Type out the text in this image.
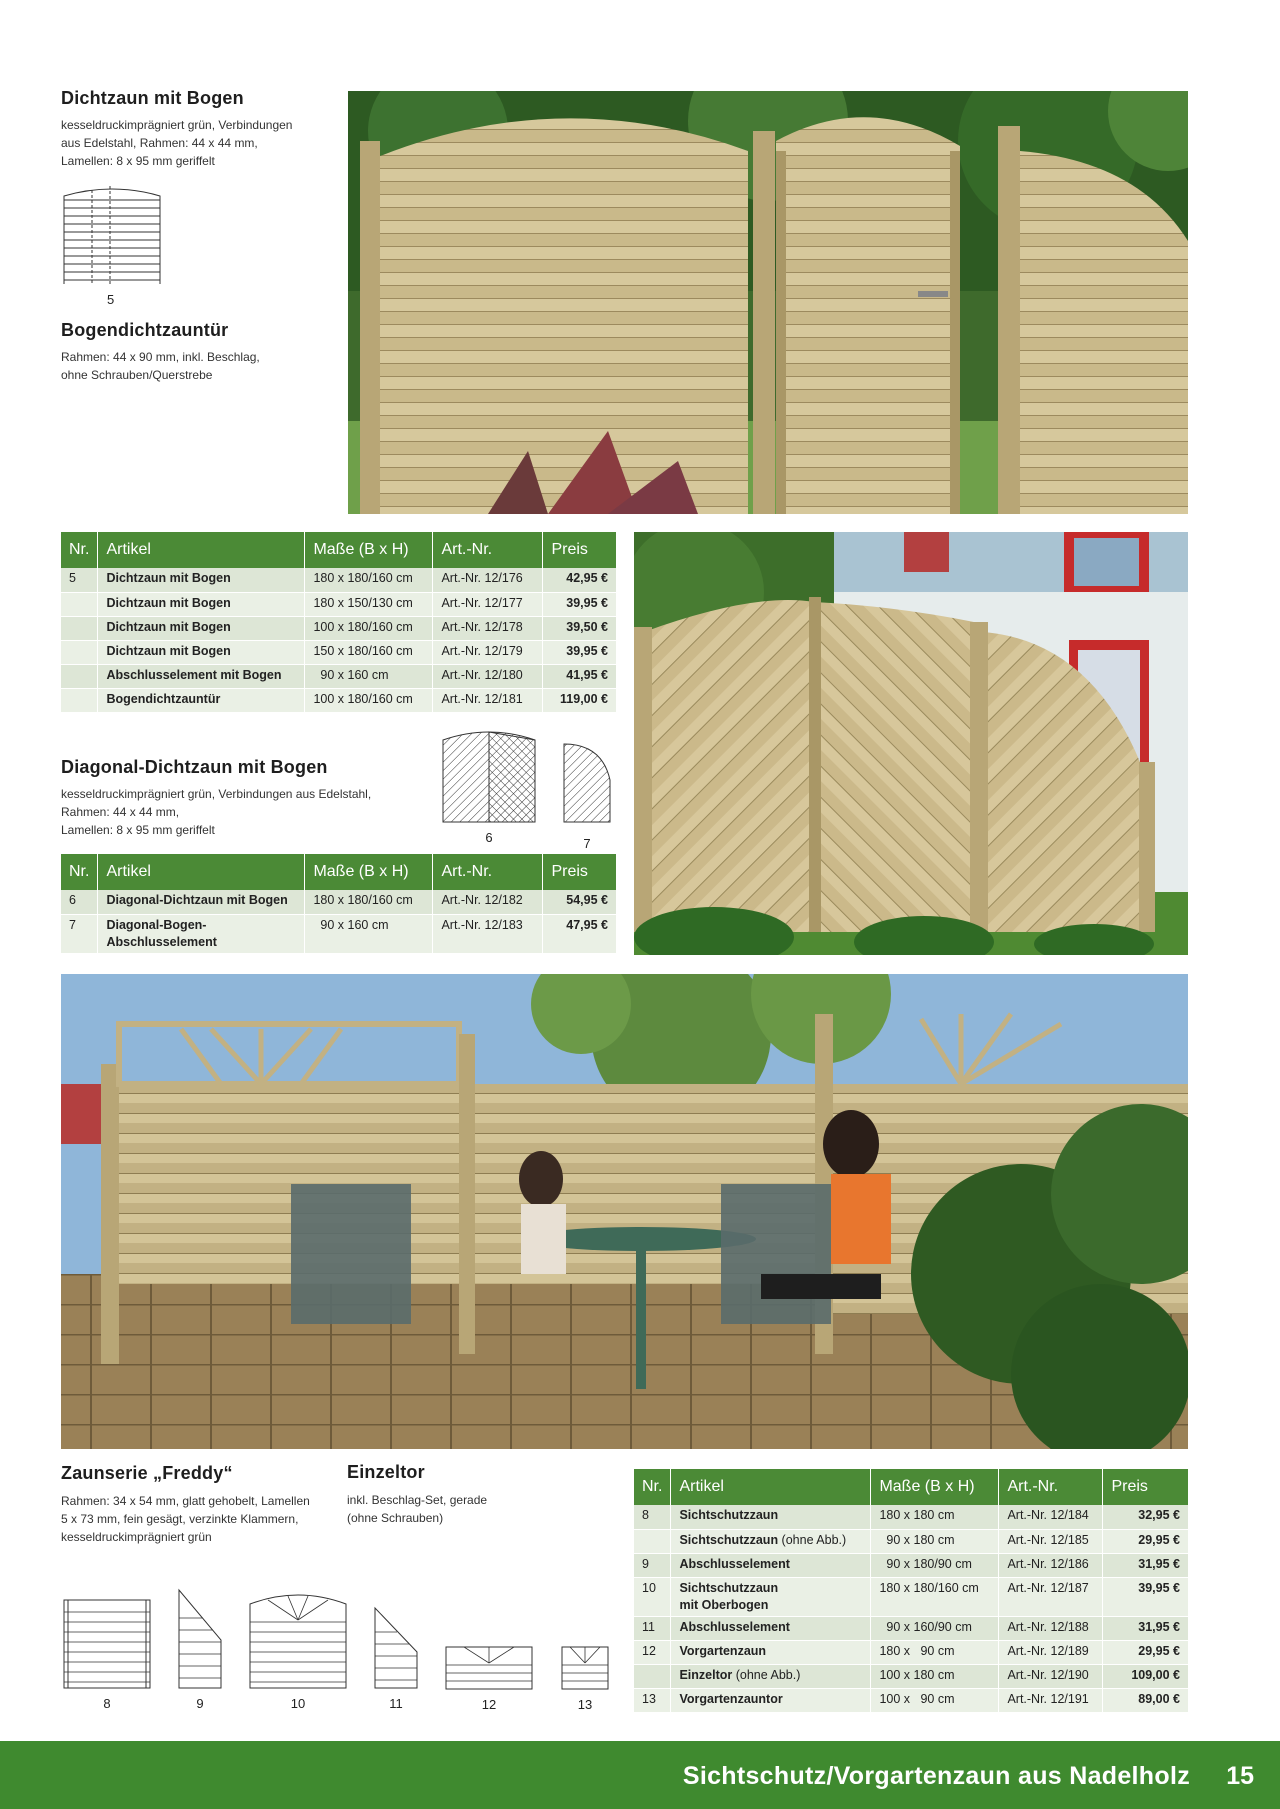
Dichtzaun mit Bogen
kesseldruckimprägniert grün, Verbindungen
aus Edelstahl, Rahmen: 44 x 44 mm,
Lamellen: 8 x 95 mm geriffelt
5
Bogendichtzauntür
Rahmen: 44 x 90 mm, inkl. Beschlag,
ohne Schrauben/Querstrebe
Nr.	Artikel	Maße (B x H)	Art.-Nr.	Preis
5	Dichtzaun mit Bogen	180 x 180/160 cm	Art.-Nr. 12/176	42,95 €
	Dichtzaun mit Bogen	180 x 150/130 cm	Art.-Nr. 12/177	39,95 €
	Dichtzaun mit Bogen	100 x 180/160 cm	Art.-Nr. 12/178	39,50 €
	Dichtzaun mit Bogen	150 x 180/160 cm	Art.-Nr. 12/179	39,95 €
	Abschlusselement mit Bogen	90 x 160 cm	Art.-Nr. 12/180	41,95 €
	Bogendichtzauntür	100 x 180/160 cm	Art.-Nr. 12/181	119,00 €
Diagonal-Dichtzaun mit Bogen
kesseldruckimprägniert grün, Verbindungen aus Edelstahl,
Rahmen: 44 x 44 mm,
Lamellen: 8 x 95 mm geriffelt	6	7
Nr.	Artikel	Maße (B x H)	Art.-Nr.	Preis
6	Diagonal-Dichtzaun mit Bogen	180 x 180/160 cm	Art.-Nr. 12/182	54,95 €
7	Diagonal-Bogen-
Abschlusselement	90 x 160 cm	Art.-Nr. 12/183	47,95 €
Zaunserie „Freddy“
Rahmen: 34 x 54 mm, glatt gehobelt, Lamellen
5 x 73 mm, fein gesägt, verzinkte Klammern,
kesseldruckimprägniert grün
Einzeltor
inkl. Beschlag-Set, gerade
(ohne Schrauben)
8	9	10	11	12	13
Nr.	Artikel	Maße (B x H)	Art.-Nr.	Preis
8	Sichtschutzzaun	180 x 180 cm	Art.-Nr. 12/184	32,95 €
	Sichtschutzzaun (ohne Abb.)	90 x 180 cm	Art.-Nr. 12/185	29,95 €
9	Abschlusselement	90 x 180/90 cm	Art.-Nr. 12/186	31,95 €
10	Sichtschutzzaun
mit Oberbogen	180 x 180/160 cm	Art.-Nr. 12/187	39,95 €
11	Abschlusselement	90 x 160/90 cm	Art.-Nr. 12/188	31,95 €
12	Vorgartenzaun	180 x   90 cm	Art.-Nr. 12/189	29,95 €
	Einzeltor (ohne Abb.)	100 x 180 cm	Art.-Nr. 12/190	109,00 €
13	Vorgartenzauntor	100 x   90 cm	Art.-Nr. 12/191	89,00 €
Sichtschutz/Vorgartenzaun aus Nadelholz 15
